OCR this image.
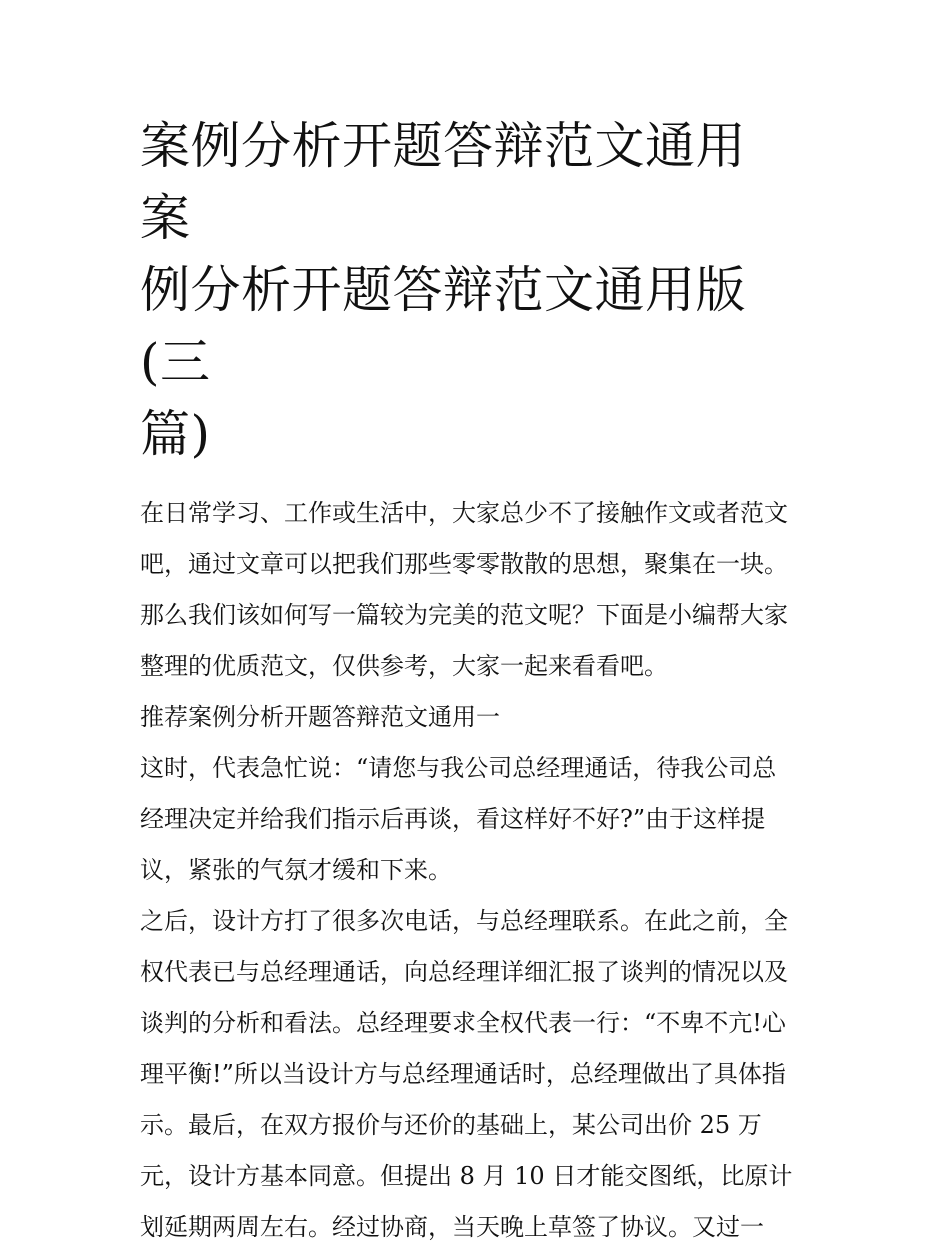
案例分析开题答辩范文通用 案
例分析开题答辩范文通用版(三
篇)

在日常学习、工作或生活中，大家总少不了接触作文或者范文

吧，通过文章可以把我们那些零零散散的思想，聚集在一块。

那么我们该如何写一篇较为完美的范文呢？下面是小编帮大家

整理的优质范文，仅供参考，大家一起来看看吧。

推荐案例分析开题答辩范文通用一

这时，代表急忙说：“请您与我公司总经理通话，待我公司总

经理决定并给我们指示后再谈，看这样好不好?”由于这样提

议，紧张的气氛才缓和下来。

之后，设计方打了很多次电话，与总经理联系。在此之前，全

权代表已与总经理通话，向总经理详细汇报了谈判的情况以及

谈判的分析和看法。总经理要求全权代表一行：“不卑不亢!心

理平衡!”所以当设计方与总经理通话时，总经理做出了具体指

示。最后，在双方报价与还价的基础上，某公司出价 25 万

元，设计方基本同意。但提出 8 月 10 日才能交图纸，比原计

划延期两周左右。经过协商，当天晚上草签了协议。又过一
